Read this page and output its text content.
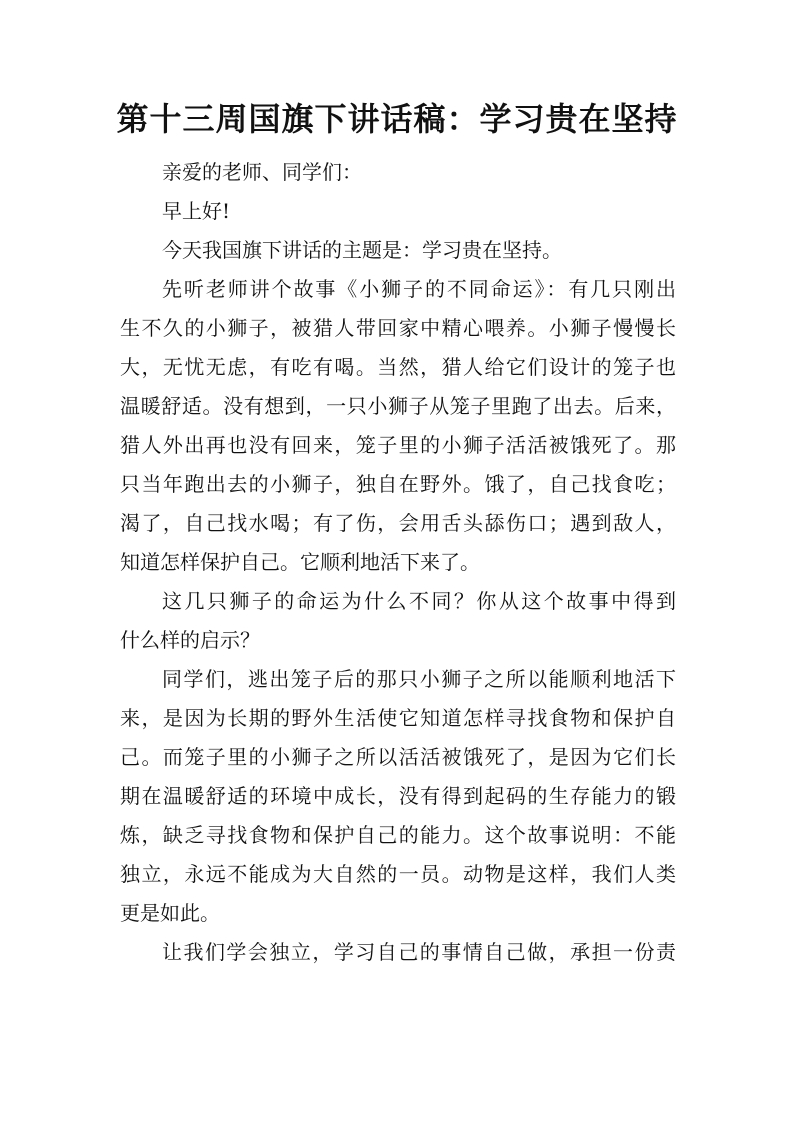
第十三周国旗下讲话稿：学习贵在坚持

亲爱的老师、同学们：

早上好!

今天我国旗下讲话的主题是：学习贵在坚持。

先听老师讲个故事《小狮子的不同命运》：有几只刚出
生不久的小狮子，被猎人带回家中精心喂养。小狮子慢慢长
大，无忧无虑，有吃有喝。当然，猎人给它们设计的笼子也
温暖舒适。没有想到，一只小狮子从笼子里跑了出去。后来，
猎人外出再也没有回来，笼子里的小狮子活活被饿死了。那
只当年跑出去的小狮子，独自在野外。饿了，自己找食吃；
渴了，自己找水喝；有了伤，会用舌头舔伤口；遇到敌人，
知道怎样保护自己。它顺利地活下来了。

这几只狮子的命运为什么不同？你从这个故事中得到
什么样的启示？

同学们，逃出笼子后的那只小狮子之所以能顺利地活下
来，是因为长期的野外生活使它知道怎样寻找食物和保护自
己。而笼子里的小狮子之所以活活被饿死了，是因为它们长
期在温暖舒适的环境中成长，没有得到起码的生存能力的锻
炼，缺乏寻找食物和保护自己的能力。这个故事说明：不能
独立，永远不能成为大自然的一员。动物是这样，我们人类
更是如此。

让我们学会独立，学习自己的事情自己做，承担一份责
